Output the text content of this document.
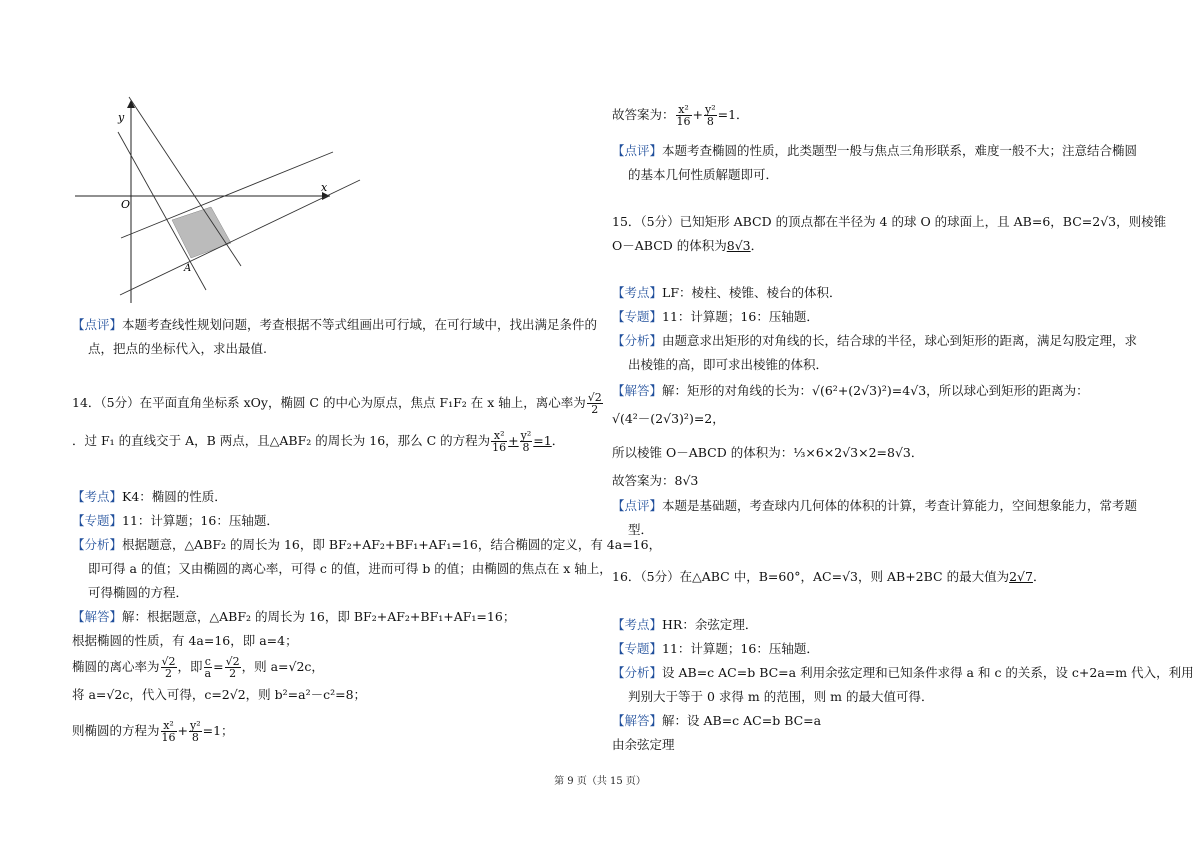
y
x
O
A
【点评】本题考查线性规划问题，考查根据不等式组画出可行域，在可行域中，找出满足条件的
点，把点的坐标代入，求出最值.
14．（5分）在平面直角坐标系 xOy，椭圆 C 的中心为原点，焦点 F₁F₂ 在 x 轴上，离心率为 $\frac{√2}{2}$
．过 F₁ 的直线交于 A，B 两点，且△ABF₂ 的周长为 16，那么 C 的方程为 $\frac{\text{x²}}{16} + \frac{\text{y²}}{8} =1$．
【考点】K4：椭圆的性质．
【专题】11：计算题；16：压轴题．
【分析】根据题意，△ABF₂ 的周长为 16，即 BF₂+AF₂+BF₁+AF₁=16，结合椭圆的定义，有 4a=16，
即可得 a 的值；又由椭圆的离心率，可得 c 的值，进而可得 b 的值；由椭圆的焦点在 x 轴上，
可得椭圆的方程．
【解答】解：根据题意，△ABF₂ 的周长为 16，即 BF₂+AF₂+BF₁+AF₁=16；
根据椭圆的性质，有 4a=16，即 a=4；
椭圆的离心率为 $\frac{√2}{2}$ ，即 $\frac{c}{a} = \frac{√2}{2}$ ，则 a=√2c，
将 a=√2c，代入可得，c=2√2，则 b²=a²－c²=8；
则椭圆的方程为 $\frac{\text{x²}}{16} + \frac{\text{y²}}{8} =1$；
故答案为： $\frac{\text{x²}}{16} + \frac{\text{y²}}{8} =1$．
【点评】本题考查椭圆的性质，此类题型一般与焦点三角形联系，难度一般不大；注意结合椭圆
的基本几何性质解题即可．
15．（5分）已知矩形 ABCD 的顶点都在半径为 4 的球 O 的球面上，且 AB=6，BC=2√3，则棱锥
O－ABCD 的体积为8√3．
【考点】LF：棱柱、棱锥、棱台的体积．
【专题】11：计算题；16：压轴题．
【分析】由题意求出矩形的对角线的长，结合球的半径，球心到矩形的距离，满足勾股定理，求
出棱锥的高，即可求出棱锥的体积．
【解答】解：矩形的对角线的长为：√(6²+(2√3)²)=4√3，所以球心到矩形的距离为：
√(4²－(2√3)²)=2，
所以棱锥 O－ABCD 的体积为：⅓×6×2√3×2=8√3．
故答案为：8√3
【点评】本题是基础题，考查球内几何体的体积的计算，考查计算能力，空间想象能力，常考题
型．
16．（5分）在△ABC 中，B=60°，AC=√3，则 AB+2BC 的最大值为2√7．
【考点】HR：余弦定理．
【专题】11：计算题；16：压轴题．
【分析】设 AB=c AC=b BC=a 利用余弦定理和已知条件求得 a 和 c 的关系，设 c+2a=m 代入，利用
判别大于等于 0 求得 m 的范围，则 m 的最大值可得．
【解答】解：设 AB=c AC=b BC=a
由余弦定理
第 9 页（共 15 页）
